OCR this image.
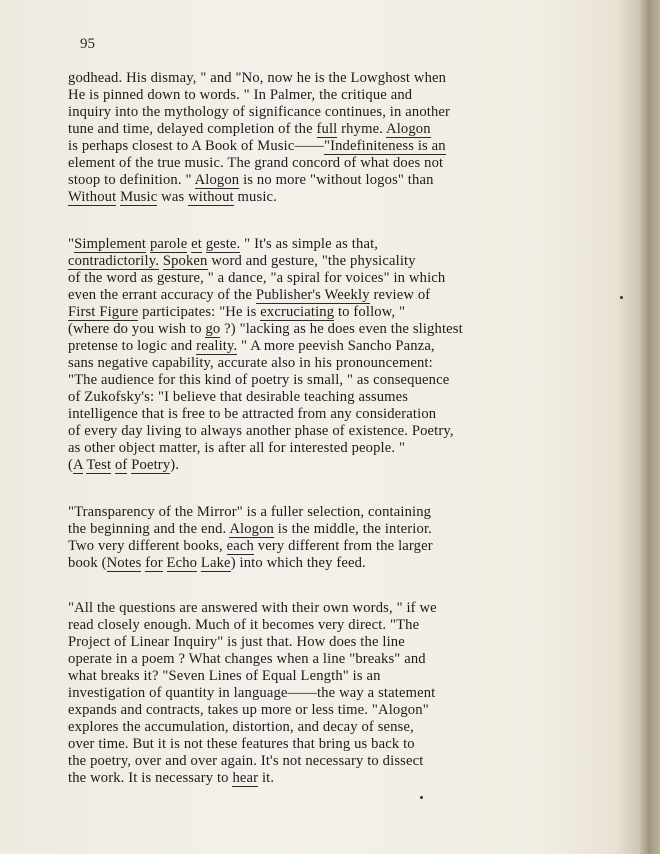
95
godhead. His dismay, " and "No, now he is the Lowghost when
He is pinned down to words. " In Palmer, the critique and
inquiry into the mythology of significance continues, in another
tune and time, delayed completion of the full rhyme. Alogon
is perhaps closest to A Book of Music——"Indefiniteness is an
element of the true music. The grand concord of what does not
stoop to definition. " Alogon is no more "without logos" than
Without Music was without music.
"Simplement parole et geste. " It's as simple as that,
contradictorily. Spoken word and gesture, "the physicality
of the word as gesture, " a dance, "a spiral for voices" in which
even the errant accuracy of the Publisher's Weekly review of
First Figure participates: "He is excruciating to follow, "
(where do you wish to go ?) "lacking as he does even the slightest
pretense to logic and reality. " A more peevish Sancho Panza,
sans negative capability, accurate also in his pronouncement:
"The audience for this kind of poetry is small, " as consequence
of Zukofsky's: "I believe that desirable teaching assumes
intelligence that is free to be attracted from any consideration
of every day living to always another phase of existence. Poetry,
as other object matter, is after all for interested people. "
(A Test of Poetry).
"Transparency of the Mirror" is a fuller selection, containing
the beginning and the end. Alogon is the middle, the interior.
Two very different books, each very different from the larger
book (Notes for Echo Lake) into which they feed.
"All the questions are answered with their own words, " if we
read closely enough. Much of it becomes very direct. "The
Project of Linear Inquiry" is just that. How does the line
operate in a poem ? What changes when a line "breaks" and
what breaks it? "Seven Lines of Equal Length" is an
investigation of quantity in language——the way a statement
expands and contracts, takes up more or less time. "Alogon"
explores the accumulation, distortion, and decay of sense,
over time. But it is not these features that bring us back to
the poetry, over and over again. It's not necessary to dissect
the work. It is necessary to hear it.
